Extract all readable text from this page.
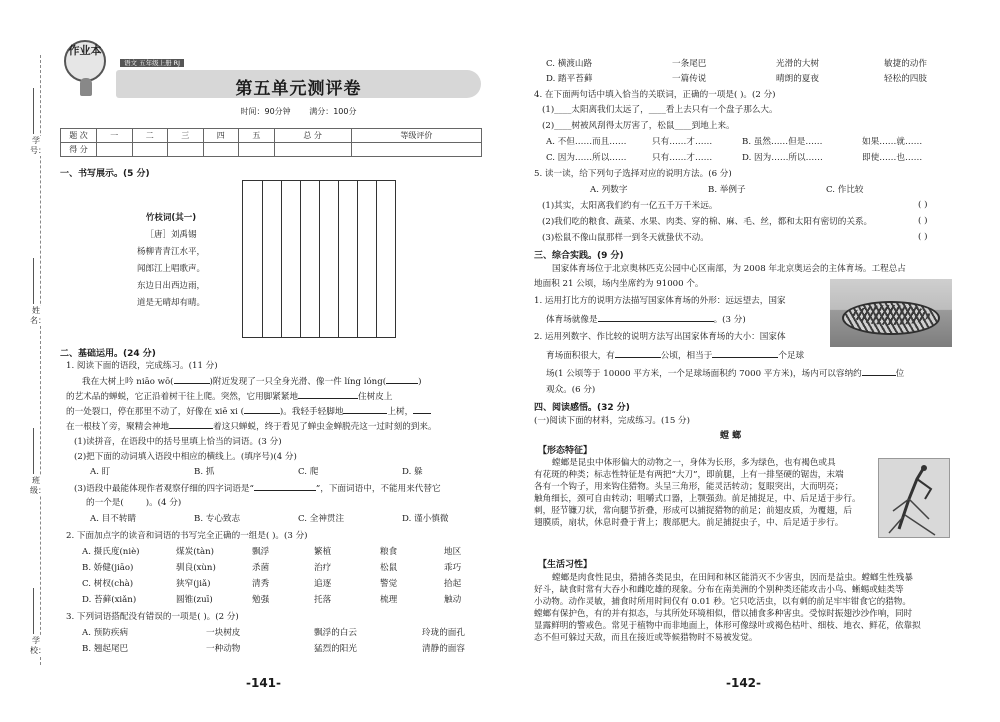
学号：
姓名：
班级：
学校：
作业本
语文 五年级上册 RJ
第五单元测评卷
时间：90分钟 满分：100分
题 次	一	二	三	四	五	总 分	等级评价
得 分							
一、书写展示。(5 分)
竹枝词(其一)
［唐］刘禹锡
杨柳青青江水平，
闻郎江上唱歌声。
东边日出西边雨，
道是无晴却有晴。
二、基础运用。(24 分)
1. 阅读下面的语段，完成练习。(11 分)
我在大树上吟 niāo wō(	)附近发现了一只全身光滑、像一件 líng lóng(	)
的艺术品的蝉蜕，它正沿着树干往上爬。突然，它用脚紧紧地	住树皮上
的一处裂口，停在那里不动了，好像在 xiē xi (	)。我轻手轻脚地	上树，
在一根枝丫旁，聚精会神地	着这只蝉蜕，终于看见了蝉虫金蝉脱壳这一过时刻的到来。
(1)读拼音，在语段中的括号里填上恰当的词语。(3 分)
(2)把下面的动词填入语段中相应的横线上。(填序号)(4 分)
A. 盯	B. 抓	C. 爬	D. 躲
(3)语段中最能体现作者观察仔细的四字词语是“	”，下面词语中，不能用来代替它
的一个是(	)。(4 分)
A. 目不转睛	B. 专心致志	C. 全神贯注	D. 谨小慎微
2. 下面加点字的读音和词语的书写完全正确的一组是( )。(3 分)
A. 摄氏度(niè)	煤炭(tàn)	飘浮	繁植	粮食	地区
B. 娇健(jiāo)	驯良(xùn)	杀菌	治疗	松鼠	乖巧
C. 树杈(chà)	狭窄(jiǎ)	清秀	追逐	警觉	拾起
D. 苔藓(xiǎn)	圆锥(zuī)	勉强	托落	梳理	触动
3. 下列词语搭配没有错误的一项是( )。(2 分)
A. 预防疾病	一块树皮	飘浮的白云	玲珑的面孔
B. 翘起尾巴	一种动物	猛烈的阳光	清静的面容
-141-
C. 横渡山路	一条尾巴	光滑的大树	敏捷的动作
D. 踏平苔藓	一篇传说	晴朗的夏夜	轻松的四肢
4. 在下面两句话中填入恰当的关联词，正确的一项是( )。(2 分)
(1)____太阳离我们太远了，____看上去只有一个盘子那么大。
(2)____树被风刮得太厉害了，松鼠____到地上来。
A. 不但……而且……	只有……才……	B. 虽然……但是……	如果……就……
C. 因为……所以……	只有……才……	D. 因为……所以……	即使……也……
5. 读一读，给下列句子选择对应的说明方法。(6 分)
A. 列数字	B. 举例子	C. 作比较
(1)其实，太阳离我们约有一亿五千万千米远。	( )
(2)我们吃的粮食、蔬菜、水果、肉类、穿的棉、麻、毛、丝，都和太阳有密切的关系。	( )
(3)松鼠不像山鼠那样一到冬天就蛰伏不动。	( )
三、综合实践。(9 分)
国家体育场位于北京奥林匹克公园中心区南部，为 2008 年北京奥运会的主体育场。工程总占
地面积 21 公顷，场内坐席约为 91000 个。
1. 运用打比方的说明方法描写国家体育场的外形：远远望去，国家
体育场就像是	。(3 分)
2. 运用列数字、作比较的说明方法写出国家体育场的大小：国家体
育场面积很大，有	公顷，相当于	个足球
场(1 公顷等于 10000 平方米，一个足球场面积约 7000 平方米)，场内可以容纳约	位
观众。(6 分)
四、阅读感悟。(32 分)
(一)阅读下面的材料，完成练习。(15 分)
螳 螂
【形态特征】
螳螂是昆虫中体形偏大的动物之一，身体为长形，多为绿色，也有褐色或具
有花斑的种类；标志性特征是有两把“大刀”，即前腿，上有一排坚硬的锯齿，末端
各有一个钩子，用来钩住猎物。头呈三角形，能灵活转动；复眼突出，大而明亮；
触角细长，颈可自由转动；咀嚼式口器，上颚强劲。前足捕捉足，中、后足适于步行。
刺，胫节镰刀状，常向腿节折叠，形成可以捕捉猎物的前足；前翅皮质，为覆翅，后
翅膜质，扇状，休息时叠于背上；腹部肥大。前足捕捉虫子，中、后足适于步行。
【生活习性】
螳螂是肉食性昆虫，猎捕各类昆虫，在田间和林区能消灭不少害虫，因而是益虫。螳螂生性残暴
好斗，缺食时常有大吞小和雌吃雄的现象。分布在南美洲的个别种类还能攻击小鸟、蜥蜴或蛙类等
小动物。动作灵敏，捕食时所用时间仅有 0.01 秒。它只吃活虫，以有刺的前足牢牢钳食它的猎物。
螳螂有保护色，有的并有拟态，与其所处环境相似，借以捕食多种害虫。受惊时振翅沙沙作响，同时
显露鲜明的警戒色。常见于植物中而非地面上，体形可像绿叶或褐色枯叶、细枝、地衣、鲜花，依靠拟
态不但可躲过天敌，而且在接近或等候猎物时不易被发觉。
-142-
